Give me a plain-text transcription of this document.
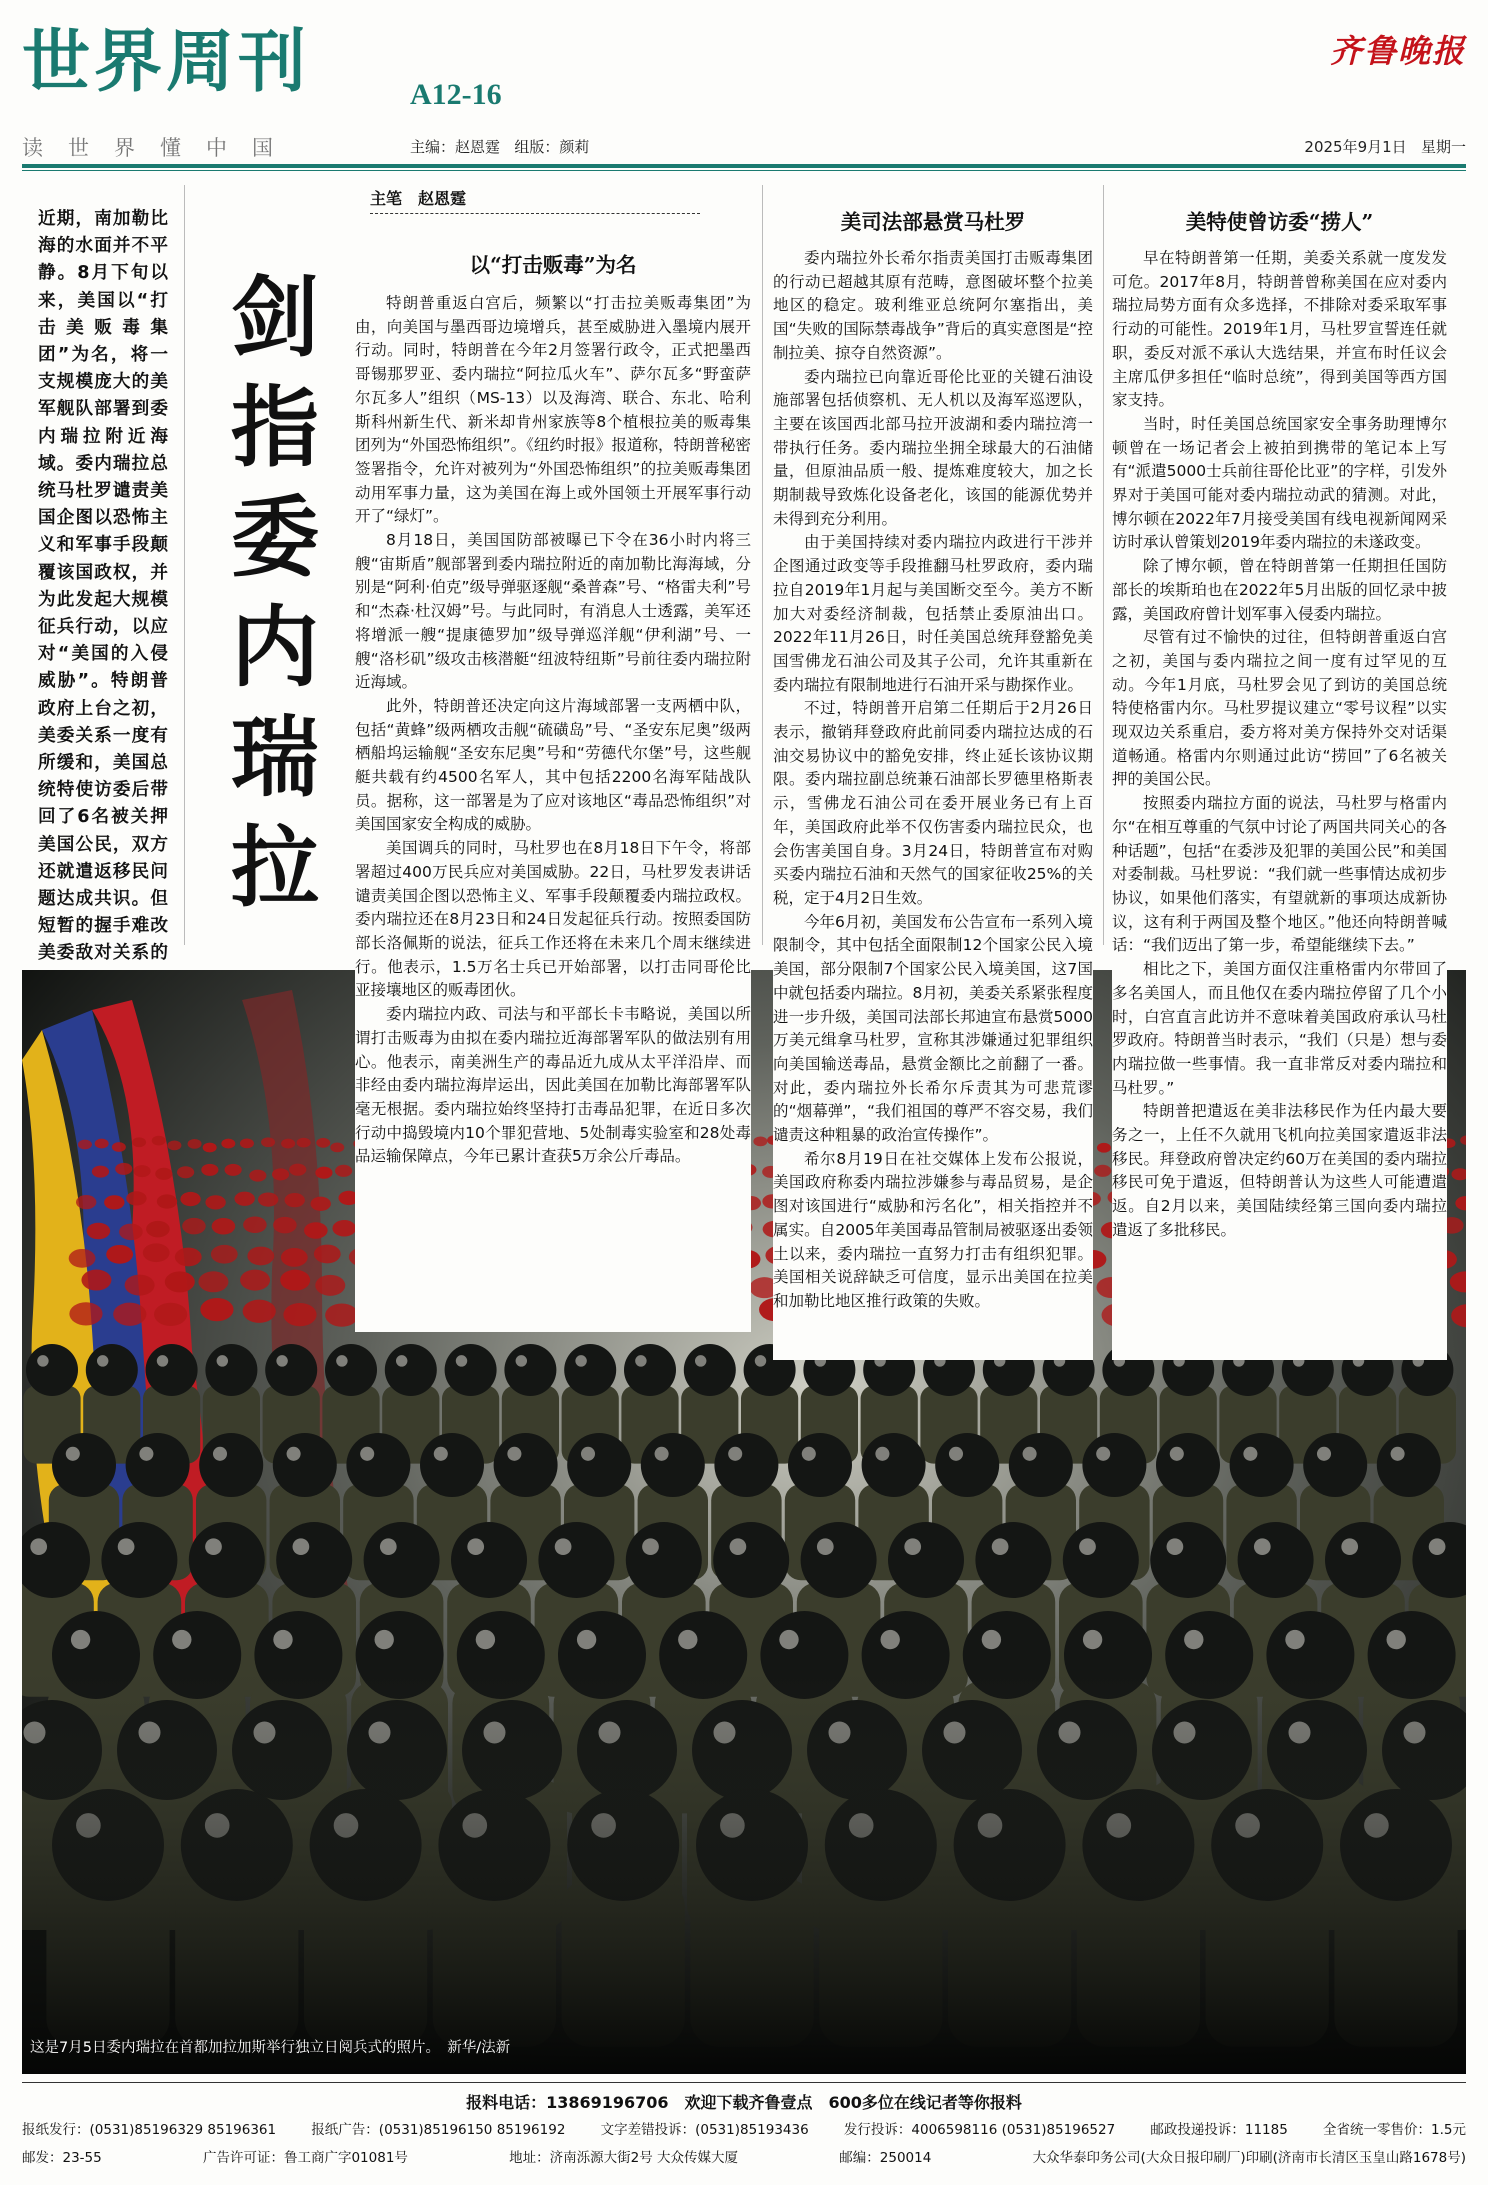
世界周刊	A12-16
读世界懂中国	主编：赵恩霆 组版：颜莉
齐鲁晚报
2025年9月1日 星期一
近期，南加勒比海的水面并不平静。8月下旬以来，美国以“打击美贩毒集团”为名，将一支规模庞大的美军舰队部署到委内瑞拉附近海域。委内瑞拉总统马杜罗谴责美国企图以恐怖主义和军事手段颠覆该国政权，并为此发起大规模征兵行动，以应对“美国的入侵威胁”。特朗普政府上台之初，美委关系一度有所缓和，美国总统特使访委后带回了6名被关押美国公民，双方还就遣返移民问题达成共识。但短暂的握手难改美委敌对关系的
剑指委内瑞拉
这是7月5日委内瑞拉在首都加拉加斯举行独立日阅兵式的照片。　新华/法新
主笔　赵恩霆
以“打击贩毒”为名

特朗普重返白宫后，频繁以“打击拉美贩毒集团”为由，向美国与墨西哥边境增兵，甚至威胁进入墨境内展开行动。同时，特朗普在今年2月签署行政令，正式把墨西哥锡那罗亚、委内瑞拉“阿拉瓜火车”、萨尔瓦多“野蛮萨尔瓦多人”组织（MS-13）以及海湾、联合、东北、哈利斯科州新生代、新米却肯州家族等8个植根拉美的贩毒集团列为“外国恐怖组织”。《纽约时报》报道称，特朗普秘密签署指令，允许对被列为“外国恐怖组织”的拉美贩毒集团动用军事力量，这为美国在海上或外国领土开展军事行动开了“绿灯”。

8月18日，美国国防部被曝已下令在36小时内将三艘“宙斯盾”舰部署到委内瑞拉附近的南加勒比海海域，分别是“阿利·伯克”级导弹驱逐舰“桑普森”号、“格雷夫利”号和“杰森·杜汉姆”号。与此同时，有消息人士透露，美军还将增派一艘“提康德罗加”级导弹巡洋舰“伊利湖”号、一艘“洛杉矶”级攻击核潜艇“纽波特纽斯”号前往委内瑞拉附近海域。

此外，特朗普还决定向这片海域部署一支两栖中队，包括“黄蜂”级两栖攻击舰“硫磺岛”号、“圣安东尼奥”级两栖船坞运输舰“圣安东尼奥”号和“劳德代尔堡”号，这些舰艇共载有约4500名军人，其中包括2200名海军陆战队员。据称，这一部署是为了应对该地区“毒品恐怖组织”对美国国家安全构成的威胁。

美国调兵的同时，马杜罗也在8月18日下午令，将部署超过400万民兵应对美国威胁。22日，马杜罗发表讲话谴责美国企图以恐怖主义、军事手段颠覆委内瑞拉政权。委内瑞拉还在8月23日和24日发起征兵行动。按照委国防部长洛佩斯的说法，征兵工作还将在未来几个周末继续进行。他表示，1.5万名士兵已开始部署，以打击同哥伦比亚接壤地区的贩毒团伙。

委内瑞拉内政、司法与和平部长卡韦略说，美国以所谓打击贩毒为由拟在委内瑞拉近海部署军队的做法别有用心。他表示，南美洲生产的毒品近九成从太平洋沿岸、而非经由委内瑞拉海岸运出，因此美国在加勒比海部署军队毫无根据。委内瑞拉始终坚持打击毒品犯罪，在近日多次行动中捣毁境内10个罪犯营地、5处制毒实验室和28处毒品运输保障点，今年已累计查获5万余公斤毒品。

美司法部悬赏马杜罗

委内瑞拉外长希尔指责美国打击贩毒集团的行动已超越其原有范畴，意图破坏整个拉美地区的稳定。玻利维亚总统阿尔塞指出，美国“失败的国际禁毒战争”背后的真实意图是“控制拉美、掠夺自然资源”。

委内瑞拉已向靠近哥伦比亚的关键石油设施部署包括侦察机、无人机以及海军巡逻队，主要在该国西北部马拉开波湖和委内瑞拉湾一带执行任务。委内瑞拉坐拥全球最大的石油储量，但原油品质一般、提炼难度较大，加之长期制裁导致炼化设备老化，该国的能源优势并未得到充分利用。

由于美国持续对委内瑞拉内政进行干涉并企图通过政变等手段推翻马杜罗政府，委内瑞拉自2019年1月起与美国断交至今。美方不断加大对委经济制裁，包括禁止委原油出口。2022年11月26日，时任美国总统拜登豁免美国雪佛龙石油公司及其子公司，允许其重新在委内瑞拉有限制地进行石油开采与勘探作业。

不过，特朗普开启第二任期后于2月26日表示，撤销拜登政府此前同委内瑞拉达成的石油交易协议中的豁免安排，终止延长该协议期限。委内瑞拉副总统兼石油部长罗德里格斯表示，雪佛龙石油公司在委开展业务已有上百年，美国政府此举不仅伤害委内瑞拉民众，也会伤害美国自身。3月24日，特朗普宣布对购买委内瑞拉石油和天然气的国家征收25%的关税，定于4月2日生效。

今年6月初，美国发布公告宣布一系列入境限制令，其中包括全面限制12个国家公民入境美国，部分限制7个国家公民入境美国，这7国中就包括委内瑞拉。8月初，美委关系紧张程度进一步升级，美国司法部长邦迪宣布悬赏5000万美元缉拿马杜罗，宣称其涉嫌通过犯罪组织向美国输送毒品，悬赏金额比之前翻了一番。对此，委内瑞拉外长希尔斥责其为可悲荒谬的“烟幕弹”，“我们祖国的尊严不容交易，我们谴责这种粗暴的政治宣传操作”。

希尔8月19日在社交媒体上发布公报说，美国政府称委内瑞拉涉嫌参与毒品贸易，是企图对该国进行“威胁和污名化”，相关指控并不属实。自2005年美国毒品管制局被驱逐出委领土以来，委内瑞拉一直努力打击有组织犯罪。美国相关说辞缺乏可信度，显示出美国在拉美和加勒比地区推行政策的失败。

美特使曾访委“捞人”

早在特朗普第一任期，美委关系就一度发发可危。2017年8月，特朗普曾称美国在应对委内瑞拉局势方面有众多选择，不排除对委采取军事行动的可能性。2019年1月，马杜罗宣誓连任就职，委反对派不承认大选结果，并宣布时任议会主席瓜伊多担任“临时总统”，得到美国等西方国家支持。

当时，时任美国总统国家安全事务助理博尔顿曾在一场记者会上被拍到携带的笔记本上写有“派遣5000士兵前往哥伦比亚”的字样，引发外界对于美国可能对委内瑞拉动武的猜测。对此，博尔顿在2022年7月接受美国有线电视新闻网采访时承认曾策划2019年委内瑞拉的未遂政变。

除了博尔顿，曾在特朗普第一任期担任国防部长的埃斯珀也在2022年5月出版的回忆录中披露，美国政府曾计划军事入侵委内瑞拉。

尽管有过不愉快的过往，但特朗普重返白宫之初，美国与委内瑞拉之间一度有过罕见的互动。今年1月底，马杜罗会见了到访的美国总统特使格雷内尔。马杜罗提议建立“零号议程”以实现双边关系重启，委方将对美方保持外交对话渠道畅通。格雷内尔则通过此访“捞回”了6名被关押的美国公民。

按照委内瑞拉方面的说法，马杜罗与格雷内尔“在相互尊重的气氛中讨论了两国共同关心的各种话题”，包括“在委涉及犯罪的美国公民”和美国对委制裁。马杜罗说：“我们就一些事情达成初步协议，如果他们落实，有望就新的事项达成新协议，这有利于两国及整个地区。”他还向特朗普喊话：“我们迈出了第一步，希望能继续下去。”

相比之下，美国方面仅注重格雷内尔带回了多名美国人，而且他仅在委内瑞拉停留了几个小时，白宫直言此访并不意味着美国政府承认马杜罗政府。特朗普当时表示，“我们（只是）想与委内瑞拉做一些事情。我一直非常反对委内瑞拉和马杜罗。”

特朗普把遣返在美非法移民作为任内最大要务之一，上任不久就用飞机向拉美国家遣返非法移民。拜登政府曾决定约60万在美国的委内瑞拉移民可免于遣返，但特朗普认为这些人可能遭遣返。自2月以来，美国陆续经第三国向委内瑞拉遣返了多批移民。

报料电话：13869196706　欢迎下载齐鲁壹点　600多位在线记者等你报料
报纸发行：(0531)85196329 85196361	报纸广告：(0531)85196150 85196192	文字差错投诉：(0531)85193436	发行投诉：4006598116 (0531)85196527	邮政投递投诉：11185	全省统一零售价：1.5元
邮发：23-55	广告许可证：鲁工商广字01081号	地址：济南泺源大街2号 大众传媒大厦	邮编：250014	大众华泰印务公司(大众日报印刷厂)印刷(济南市长清区玉皇山路1678号)
